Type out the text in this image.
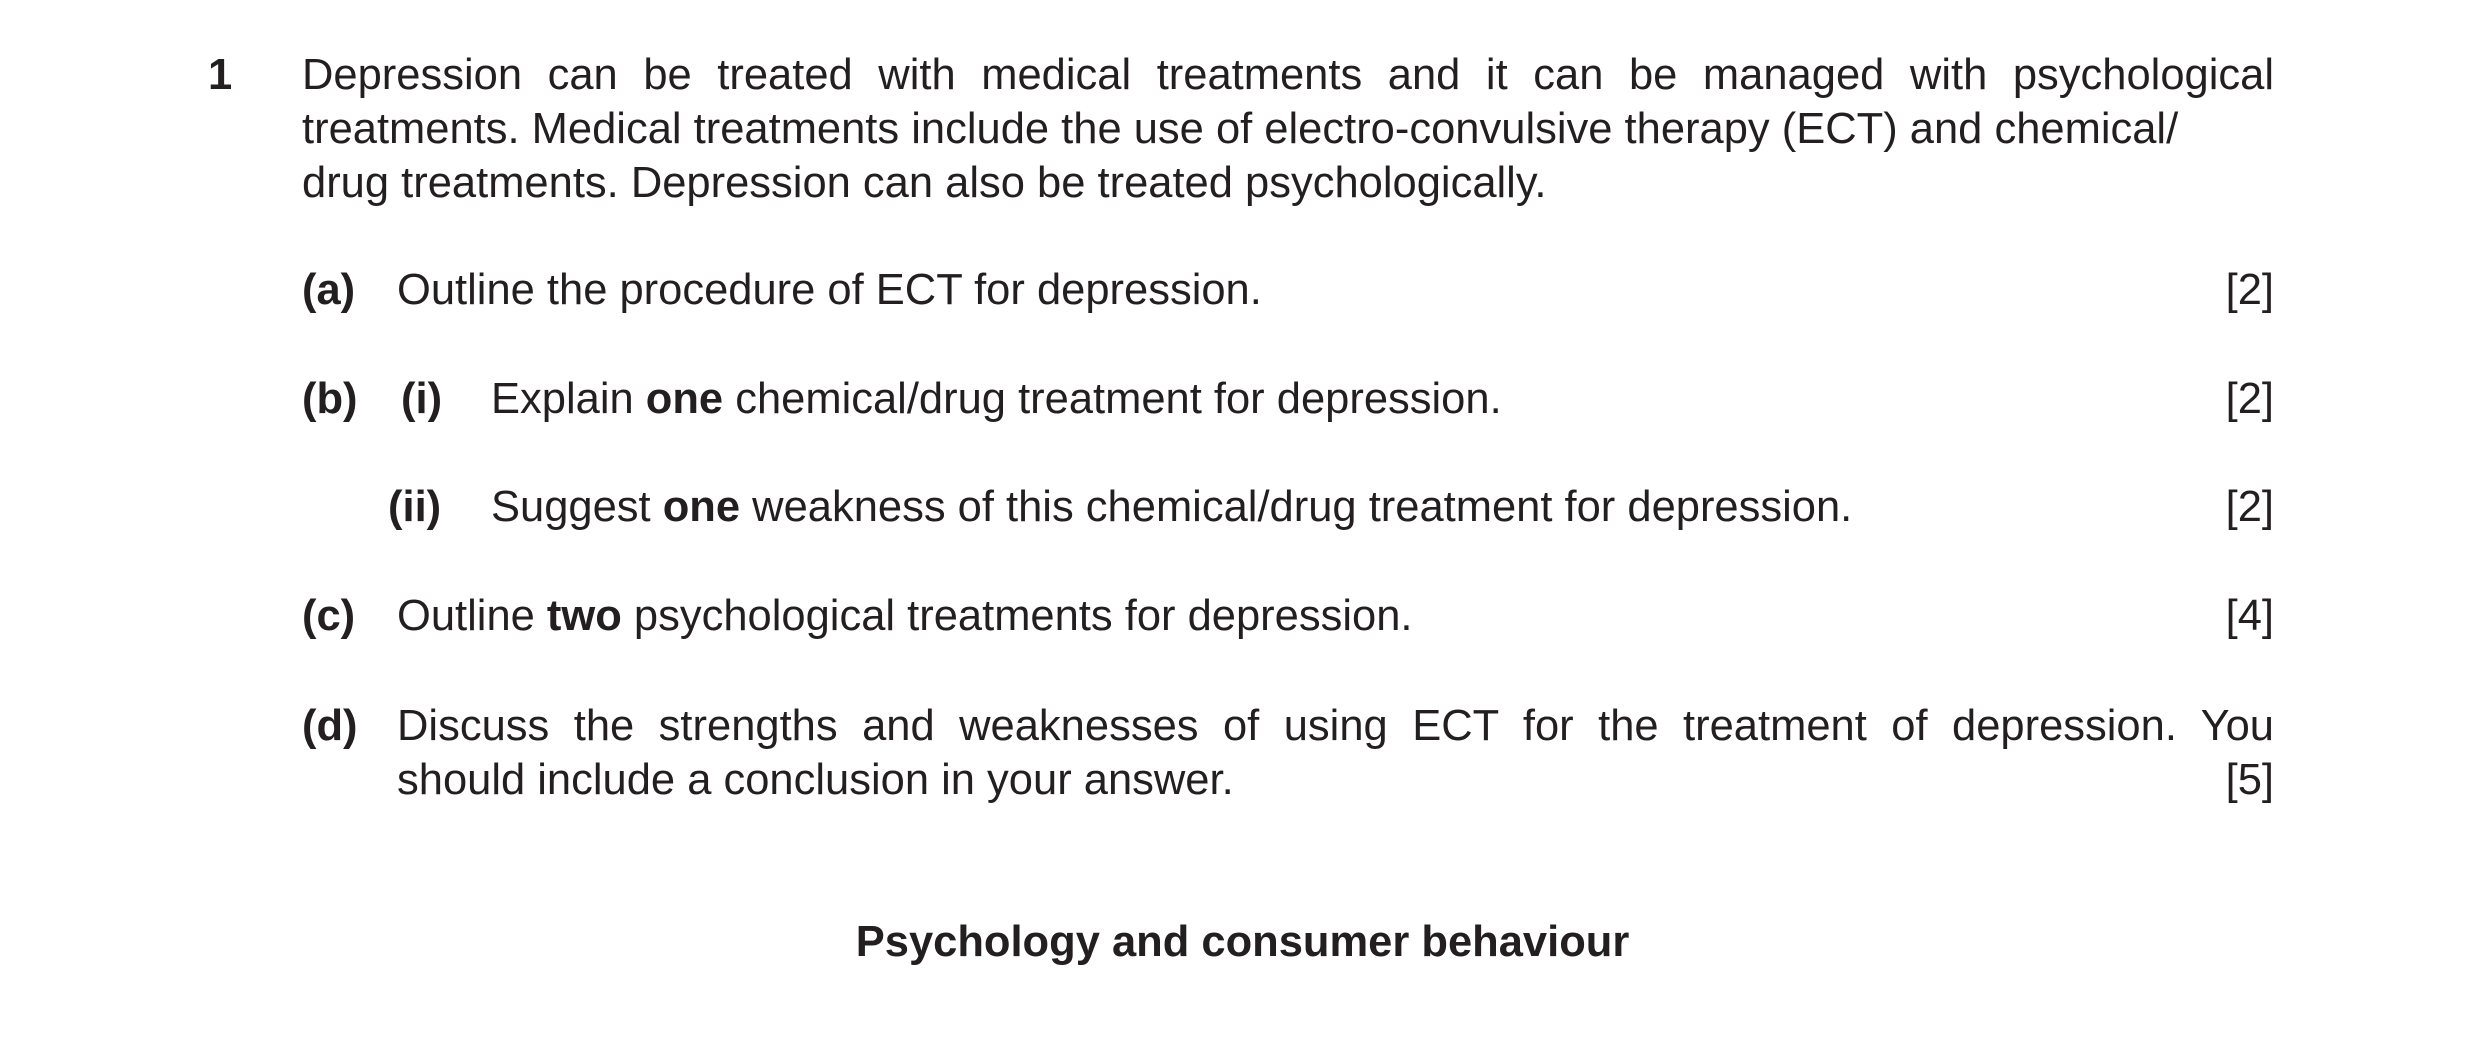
1 Depression can be treated with medical treatments and it can be managed with psychological
treatments. Medical treatments include the use of electro-convulsive therapy (ECT) and chemical/
drug treatments. Depression can also be treated psychologically.
(a) Outline the procedure of ECT for depression.	[2]
(b) (i) Explain one chemical/drug treatment for depression.	[2]
(ii) Suggest one weakness of this chemical/drug treatment for depression.	[2]
(c) Outline two psychological treatments for depression.	[4]
(d) Discuss the strengths and weaknesses of using ECT for the treatment of depression. You
should include a conclusion in your answer.	[5]
Psychology and consumer behaviour
